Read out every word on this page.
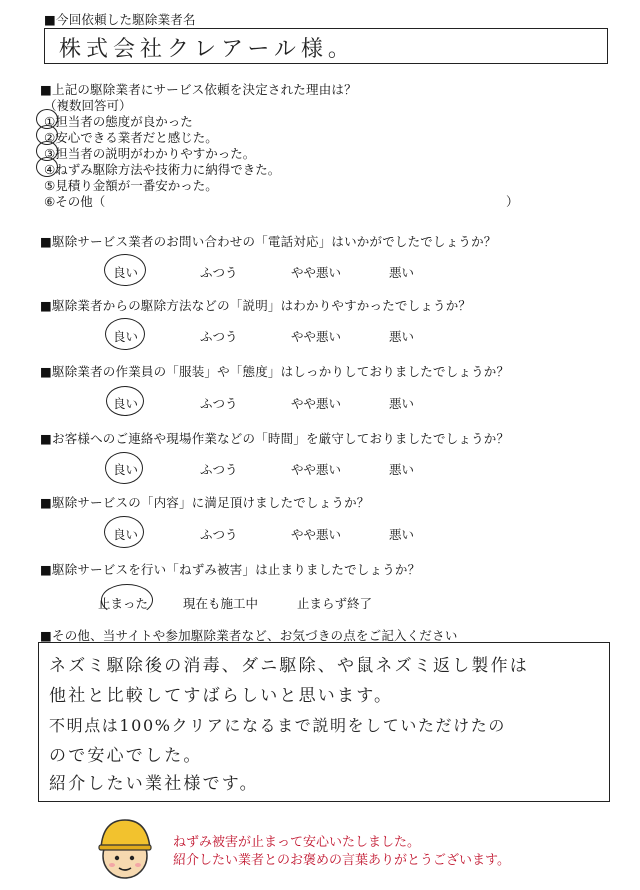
■今回依頼した駆除業者名
株式会社クレアール様。
■上記の駆除業者にサービス依頼を決定された理由は？
（複数回答可）
①担当者の態度が良かった
②安心できる業者だと感じた。
③担当者の説明がわかりやすかった。
④ねずみ駆除方法や技術力に納得できた。
⑤見積り金額が一番安かった。
⑥その他（	）
■駆除サービス業者のお問い合わせの「電話対応」はいかがでしたでしょうか？
良い	ふつう	やや悪い	悪い
■駆除業者からの駆除方法などの「説明」はわかりやすかったでしょうか？
良い	ふつう	やや悪い	悪い
■駆除業者の作業員の「服装」や「態度」はしっかりしておりましたでしょうか？
良い	ふつう	やや悪い	悪い
■お客様へのご連絡や現場作業などの「時間」を厳守しておりましたでしょうか？
良い	ふつう	やや悪い	悪い
■駆除サービスの「内容」に満足頂けましたでしょうか？
良い	ふつう	やや悪い	悪い
■駆除サービスを行い「ねずみ被害」は止まりましたでしょうか？
止まった	現在も施工中	止まらず終了
■その他、当サイトや参加駆除業者など、お気づきの点をご記入ください
ネズミ駆除後の消毒、ダニ駆除、や鼠ネズミ返し製作は
他社と比較してすばらしいと思います。
不明点は100%クリアになるまで説明をしていただけたの
ので安心でした。
紹介したい業社様です。
ねずみ被害が止まって安心いたしました。
紹介したい業者とのお褒めの言葉ありがとうございます。
